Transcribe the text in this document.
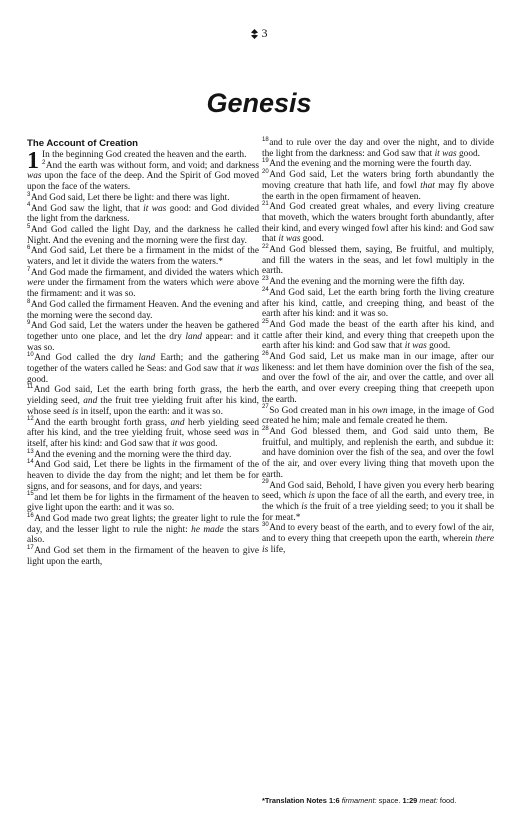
3
Genesis
The Account of Creation

1 In the beginning God created the heaven and the earth.

$^2$And the earth was without form, and void; and darkness was upon the face of the deep. And the Spirit of God moved upon the face of the waters.

$^3$And God said, Let there be light: and there was light.

$^4$And God saw the light, that it was good: and God divided the light from the darkness.

$^5$And God called the light Day, and the darkness he called Night. And the evening and the morning were the first day.

$^6$And God said, Let there be a firmament in the midst of the waters, and let it divide the waters from the waters.*

$^7$And God made the firmament, and divided the waters which were under the firmament from the waters which were above the firmament: and it was so.

$^8$And God called the firmament Heaven. And the evening and the morning were the second day.

$^9$And God said, Let the waters under the heaven be gathered together unto one place, and let the dry land appear: and it was so.

$^{10}$And God called the dry land Earth; and the gathering together of the waters called he Seas: and God saw that it was good.

$^{11}$And God said, Let the earth bring forth grass, the herb yielding seed, and the fruit tree yielding fruit after his kind, whose seed is in itself, upon the earth: and it was so.

$^{12}$And the earth brought forth grass, and herb yielding seed after his kind, and the tree yielding fruit, whose seed was in itself, after his kind: and God saw that it was good.

$^{13}$And the evening and the morning were the third day.

$^{14}$And God said, Let there be lights in the firmament of the heaven to divide the day from the night; and let them be for signs, and for seasons, and for days, and years:

$^{15}$and let them be for lights in the firmament of the heaven to give light upon the earth: and it was so.

$^{16}$And God made two great lights; the greater light to rule the day, and the lesser light to rule the night: he made the stars also.

$^{17}$And God set them in the firmament of the heaven to give light upon the earth,

$^{18}$and to rule over the day and over the night, and to divide the light from the darkness: and God saw that it was good.

$^{19}$And the evening and the morning were the fourth day.

$^{20}$And God said, Let the waters bring forth abundantly the moving creature that hath life, and fowl that may fly above the earth in the open firmament of heaven.

$^{21}$And God created great whales, and every living creature that moveth, which the waters brought forth abundantly, after their kind, and every winged fowl after his kind: and God saw that it was good.

$^{22}$And God blessed them, saying, Be fruitful, and multiply, and fill the waters in the seas, and let fowl multiply in the earth.

$^{23}$And the evening and the morning were the fifth day.

$^{24}$And God said, Let the earth bring forth the living creature after his kind, cattle, and creeping thing, and beast of the earth after his kind: and it was so.

$^{25}$And God made the beast of the earth after his kind, and cattle after their kind, and every thing that creepeth upon the earth after his kind: and God saw that it was good.

$^{26}$And God said, Let us make man in our image, after our likeness: and let them have dominion over the fish of the sea, and over the fowl of the air, and over the cattle, and over all the earth, and over every creeping thing that creepeth upon the earth.

$^{27}$So God created man in his own image, in the image of God created he him; male and female created he them.

$^{28}$And God blessed them, and God said unto them, Be fruitful, and multiply, and replenish the earth, and subdue it: and have dominion over the fish of the sea, and over the fowl of the air, and over every living thing that moveth upon the earth.

$^{29}$And God said, Behold, I have given you every herb bearing seed, which is upon the face of all the earth, and every tree, in the which is the fruit of a tree yielding seed; to you it shall be for meat.*

$^{30}$And to every beast of the earth, and to every fowl of the air, and to every thing that creepeth upon the earth, wherein there is life,

*Translation Notes 1:6 firmament: space. 1:29 meat: food.
